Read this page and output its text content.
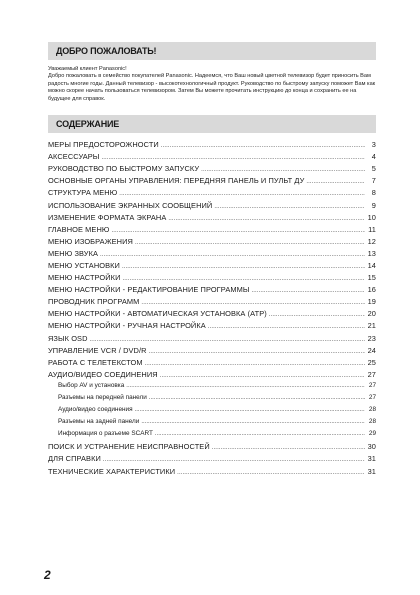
ДОБРО ПОЖАЛОВАТЬ!

Уважаемый клиент Panasonic!

Добро пожаловать в семейство покупателей Panasonic. Надеемся, что Ваш новый цветной телевизор будет приносить Вам радость многие годы. Данный телевизор - высокотехнологичный продукт. Руководство по быстрому запуску поможет Вам как можно скорее начать пользоваться телевизором. Затем Вы можете прочитать инструкцию до конца и сохранить ее на будущее для справок.

СОДЕРЖАНИЕ
МЕРЫ ПРЕДОСТОРОЖНОСТИ .....	3
АКСЕССУАРЫ .....	4
РУКОВОДСТВО ПО БЫСТРОМУ ЗАПУСКУ .....	5
ОСНОВНЫЕ ОРГАНЫ УПРАВЛЕНИЯ: ПЕРЕДНЯЯ ПАНЕЛЬ И ПУЛЬТ ДУ .....	7
СТРУКТУРА МЕНЮ .....	8
ИСПОЛЬЗОВАНИЕ ЭКРАННЫХ СООБЩЕНИЙ .....	9
ИЗМЕНЕНИЕ ФОРМАТА ЭКРАНА .....	10
ГЛАВНОЕ МЕНЮ .....	11
МЕНЮ ИЗОБРАЖЕНИЯ .....	12
МЕНЮ ЗВУКА .....	13
МЕНЮ УСТАНОВКИ .....	14
МЕНЮ НАСТРОЙКИ .....	15
МЕНЮ НАСТРОЙКИ - РЕДАКТИРОВАНИЕ ПРОГРАММЫ .....	16
ПРОВОДНИК ПРОГРАММ .....	19
МЕНЮ НАСТРОЙКИ - АВТОМАТИЧЕСКАЯ УСТАНОВКА (ATP) .....	20
МЕНЮ НАСТРОЙКИ - РУЧНАЯ НАСТРОЙКА .....	21
ЯЗЫК OSD .....	23
УПРАВЛЕНИЕ VCR / DVD/R .....	24
РАБОТА С ТЕЛЕТЕКСТОМ .....	25
АУДИО/ВИДЕО СОЕДИНЕНИЯ .....	27
Выбор AV и установка .....	27
Разъемы на передней панели .....	27
Аудио/видео соединения .....	28
Разъемы на задней панели .....	28
Информация о разъеме SCART .....	29
ПОИСК И УСТРАНЕНИЕ НЕИСПРАВНОСТЕЙ .....	30
ДЛЯ СПРАВКИ .....	31
ТЕХНИЧЕСКИЕ ХАРАКТЕРИСТИКИ .....	31
2
